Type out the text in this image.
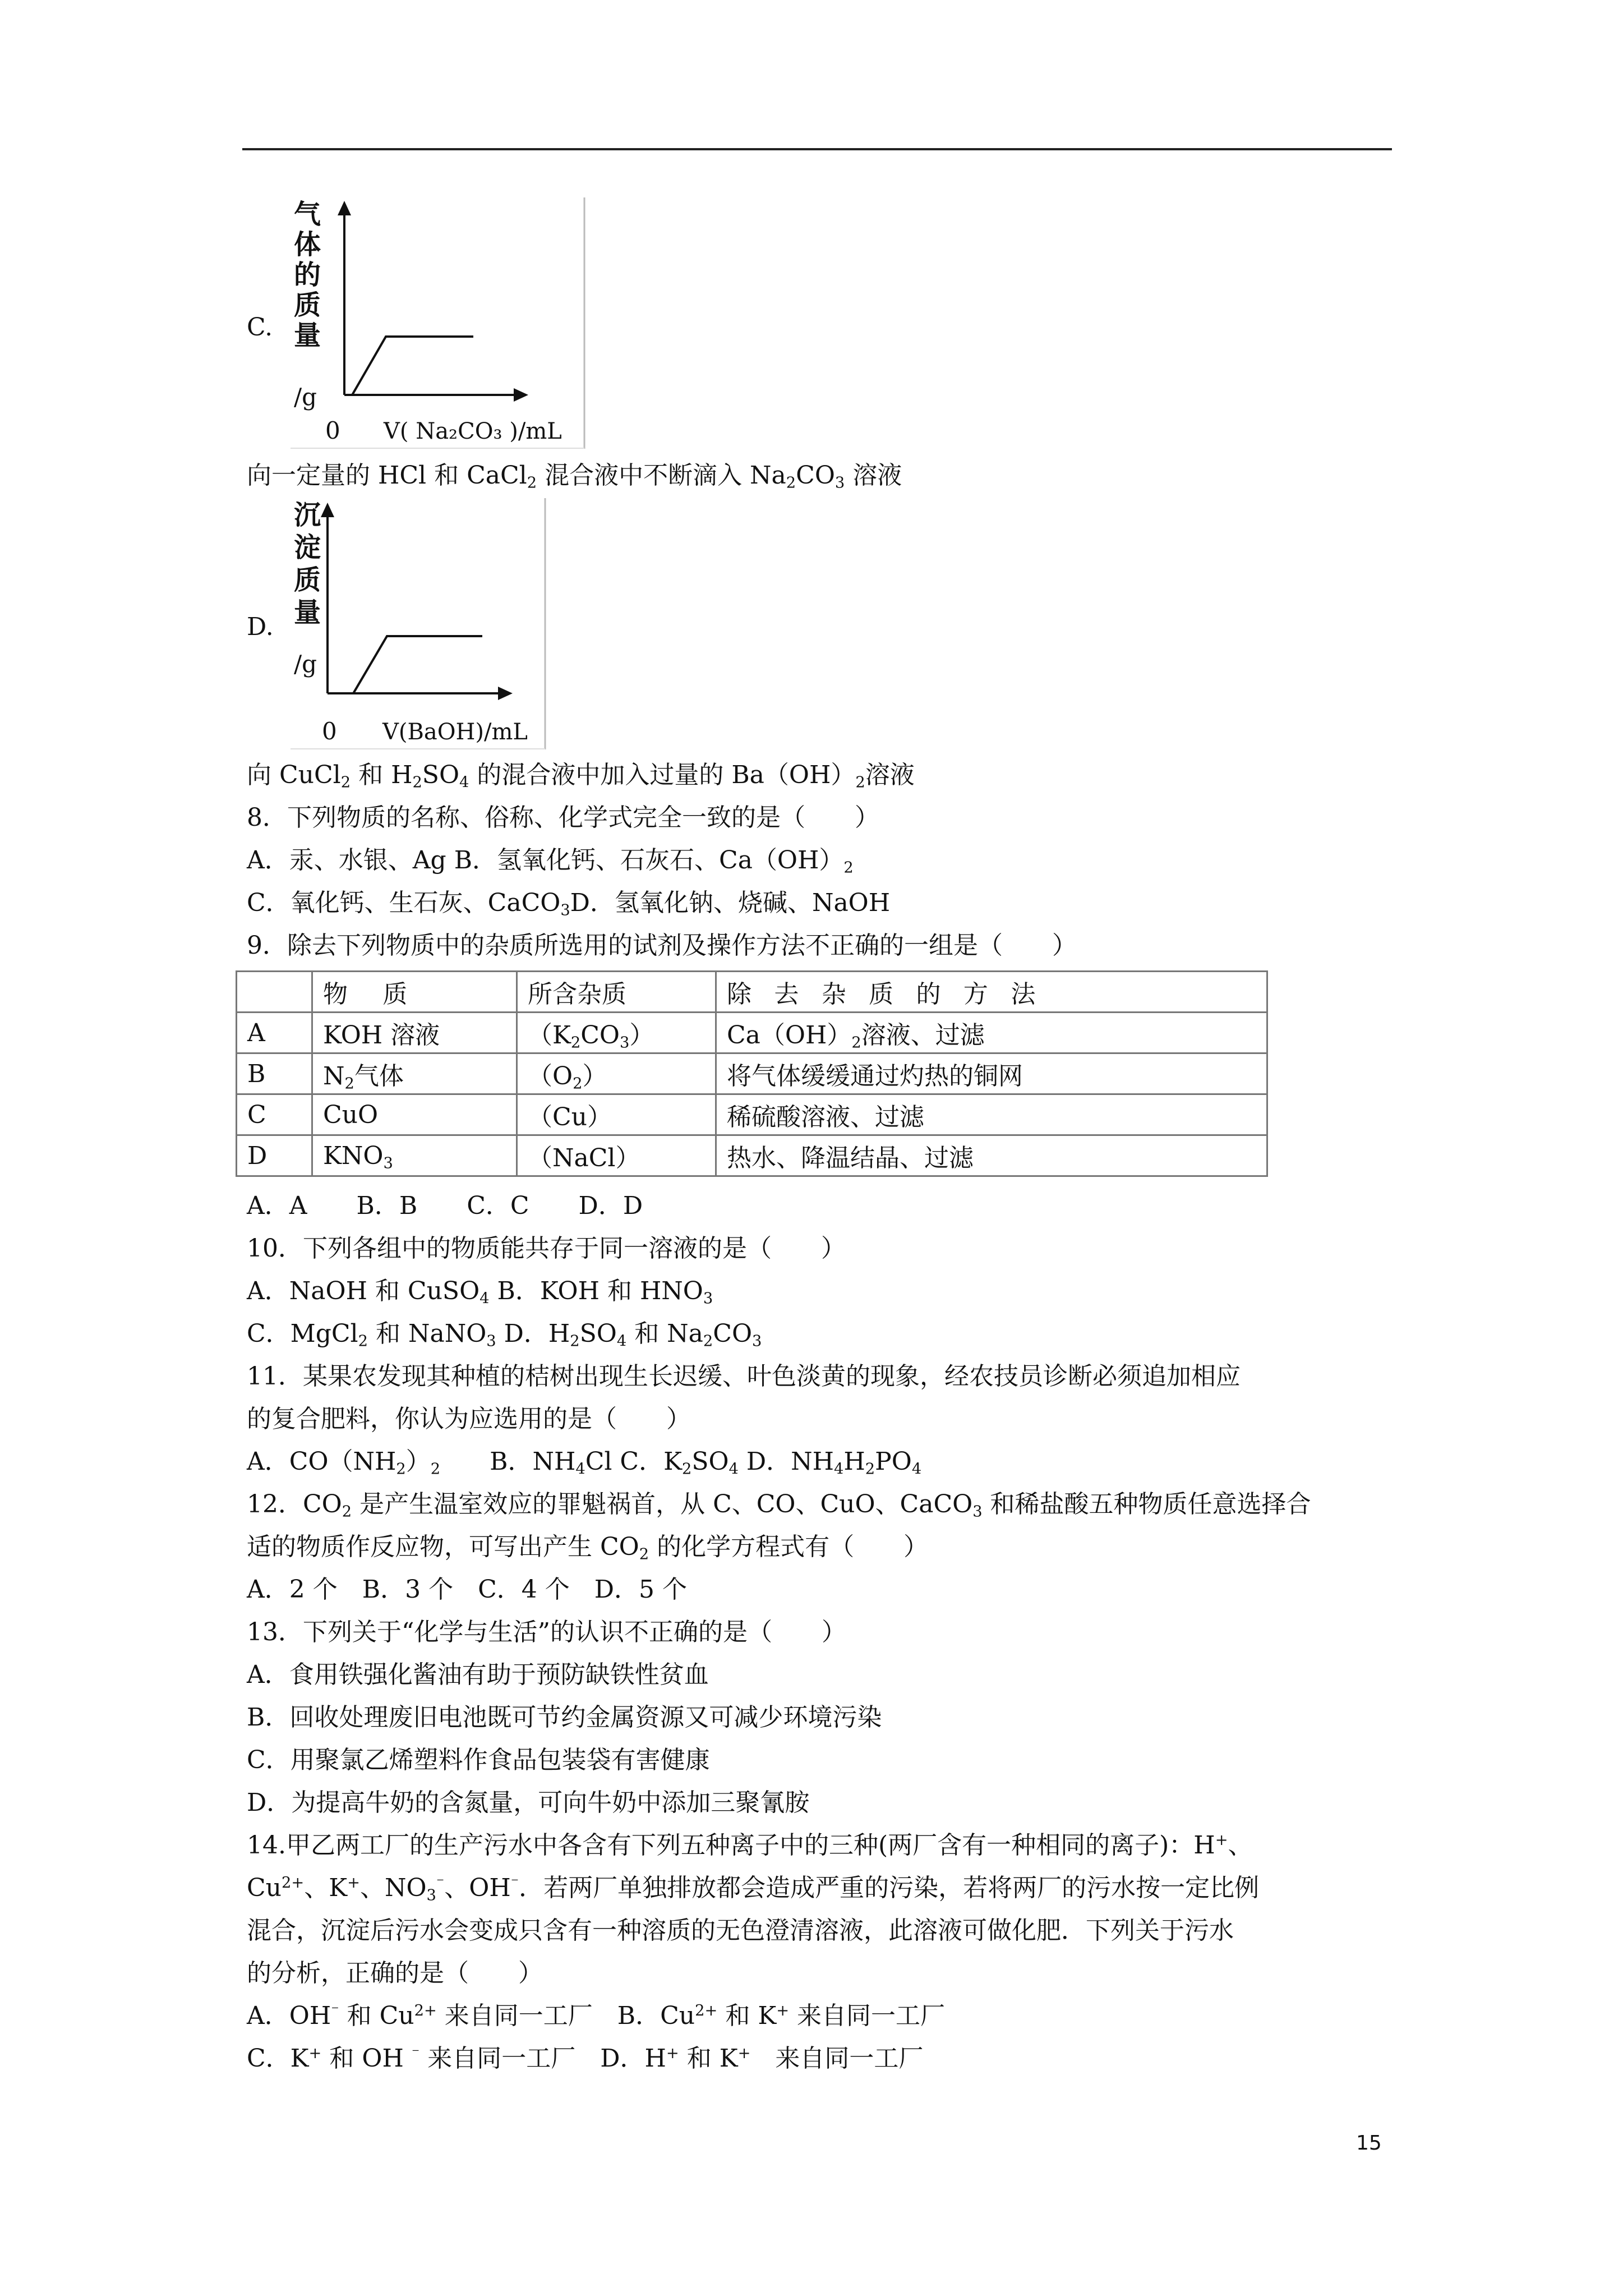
C.
气
体
的
质
量
/g
0 V( Na₂CO₃ )/mL
向一定量的 HCl 和 CaCl$_2$ 混合液中不断滴入 $Na_2CO_3$ 溶液
D.
沉
淀
质
量
/g
0 V(BaOH)/mL
向 CuCl$_2$ 和 $H_2SO_4$ 的混合液中加入过量的 $Ba(OH)_2$溶液
8．下列物质的名称、俗称、化学式完全一致的是（　　）
A．汞、水银、Ag B．氢氧化钙、石灰石、$Ca(OH)_2$
C．氧化钙、生石灰、CaCO$_3$D．氢氧化钠、烧碱、NaOH
9．除去下列物质中的杂质所选用的试剂及操作方法不正确的一组是（　　）
	物 质	所含杂质	除 去 杂 质 的 方 法
A	KOH 溶液	$(K_2CO_3)$	$Ca(OH)_2$溶液、过滤
B	$N_2$气体	$(O_2)$	将气体缓缓通过灼热的铜网
C	CuO	（Cu）	稀硫酸溶液、过滤
D	$KNO_3$	（NaCl）	热水、降温结晶、过滤
A．A　　B．B　　C．C　　D．D
10．下列各组中的物质能共存于同一溶液的是（　　）
A．NaOH 和 CuSO$_4$ B．KOH 和 $HNO_3$
C．MgCl$_2$ 和 NaNO$_3$ D．$H_2SO_4$ 和 $Na_2CO_3$
11．某果农发现其种植的桔树出现生长迟缓、叶色淡黄的现象，经农技员诊断必须追加相应
的复合肥料，你认为应选用的是（　　）
A．$CO(NH_2)_2$　　B．$NH_4Cl$ C．$K_2SO_4$ D．$NH_4H_2PO_4$
12．$CO_2$ 是产生温室效应的罪魁祸首，从 C、CO、CuO、CaCO$_3$ 和稀盐酸五种物质任意选择合
适的物质作反应物，可写出产生 $CO_2$ 的化学方程式有（　　）
A．2 个　B．3 个　C．4 个　D．5 个
13．下列关于“化学与生活”的认识不正确的是（　　）
A．食用铁强化酱油有助于预防缺铁性贫血
B．回收处理废旧电池既可节约金属资源又可减少环境污染
C．用聚氯乙烯塑料作食品包装袋有害健康
D．为提高牛奶的含氮量，可向牛奶中添加三聚氰胺
14.甲乙两工厂的生产污水中各含有下列五种离子中的三种(两厂含有一种相同的离子)：H+、
$Cu^{2+}$、K+、$NO_3^{^-}$、OH⁻．若两厂单独排放都会造成严重的污染，若将两厂的污水按一定比例
混合，沉淀后污水会变成只含有一种溶质的无色澄清溶液，此溶液可做化肥．下列关于污水
的分析，正确的是（　　）
A．OH⁻ 和 $Cu^{2+}$ 来自同一工厂　B．$Cu^{2+}$ 和 K+ 来自同一工厂
C．K+ 和 OH ⁻ 来自同一工厂　D．H+ 和 K+　来自同一工厂
15
